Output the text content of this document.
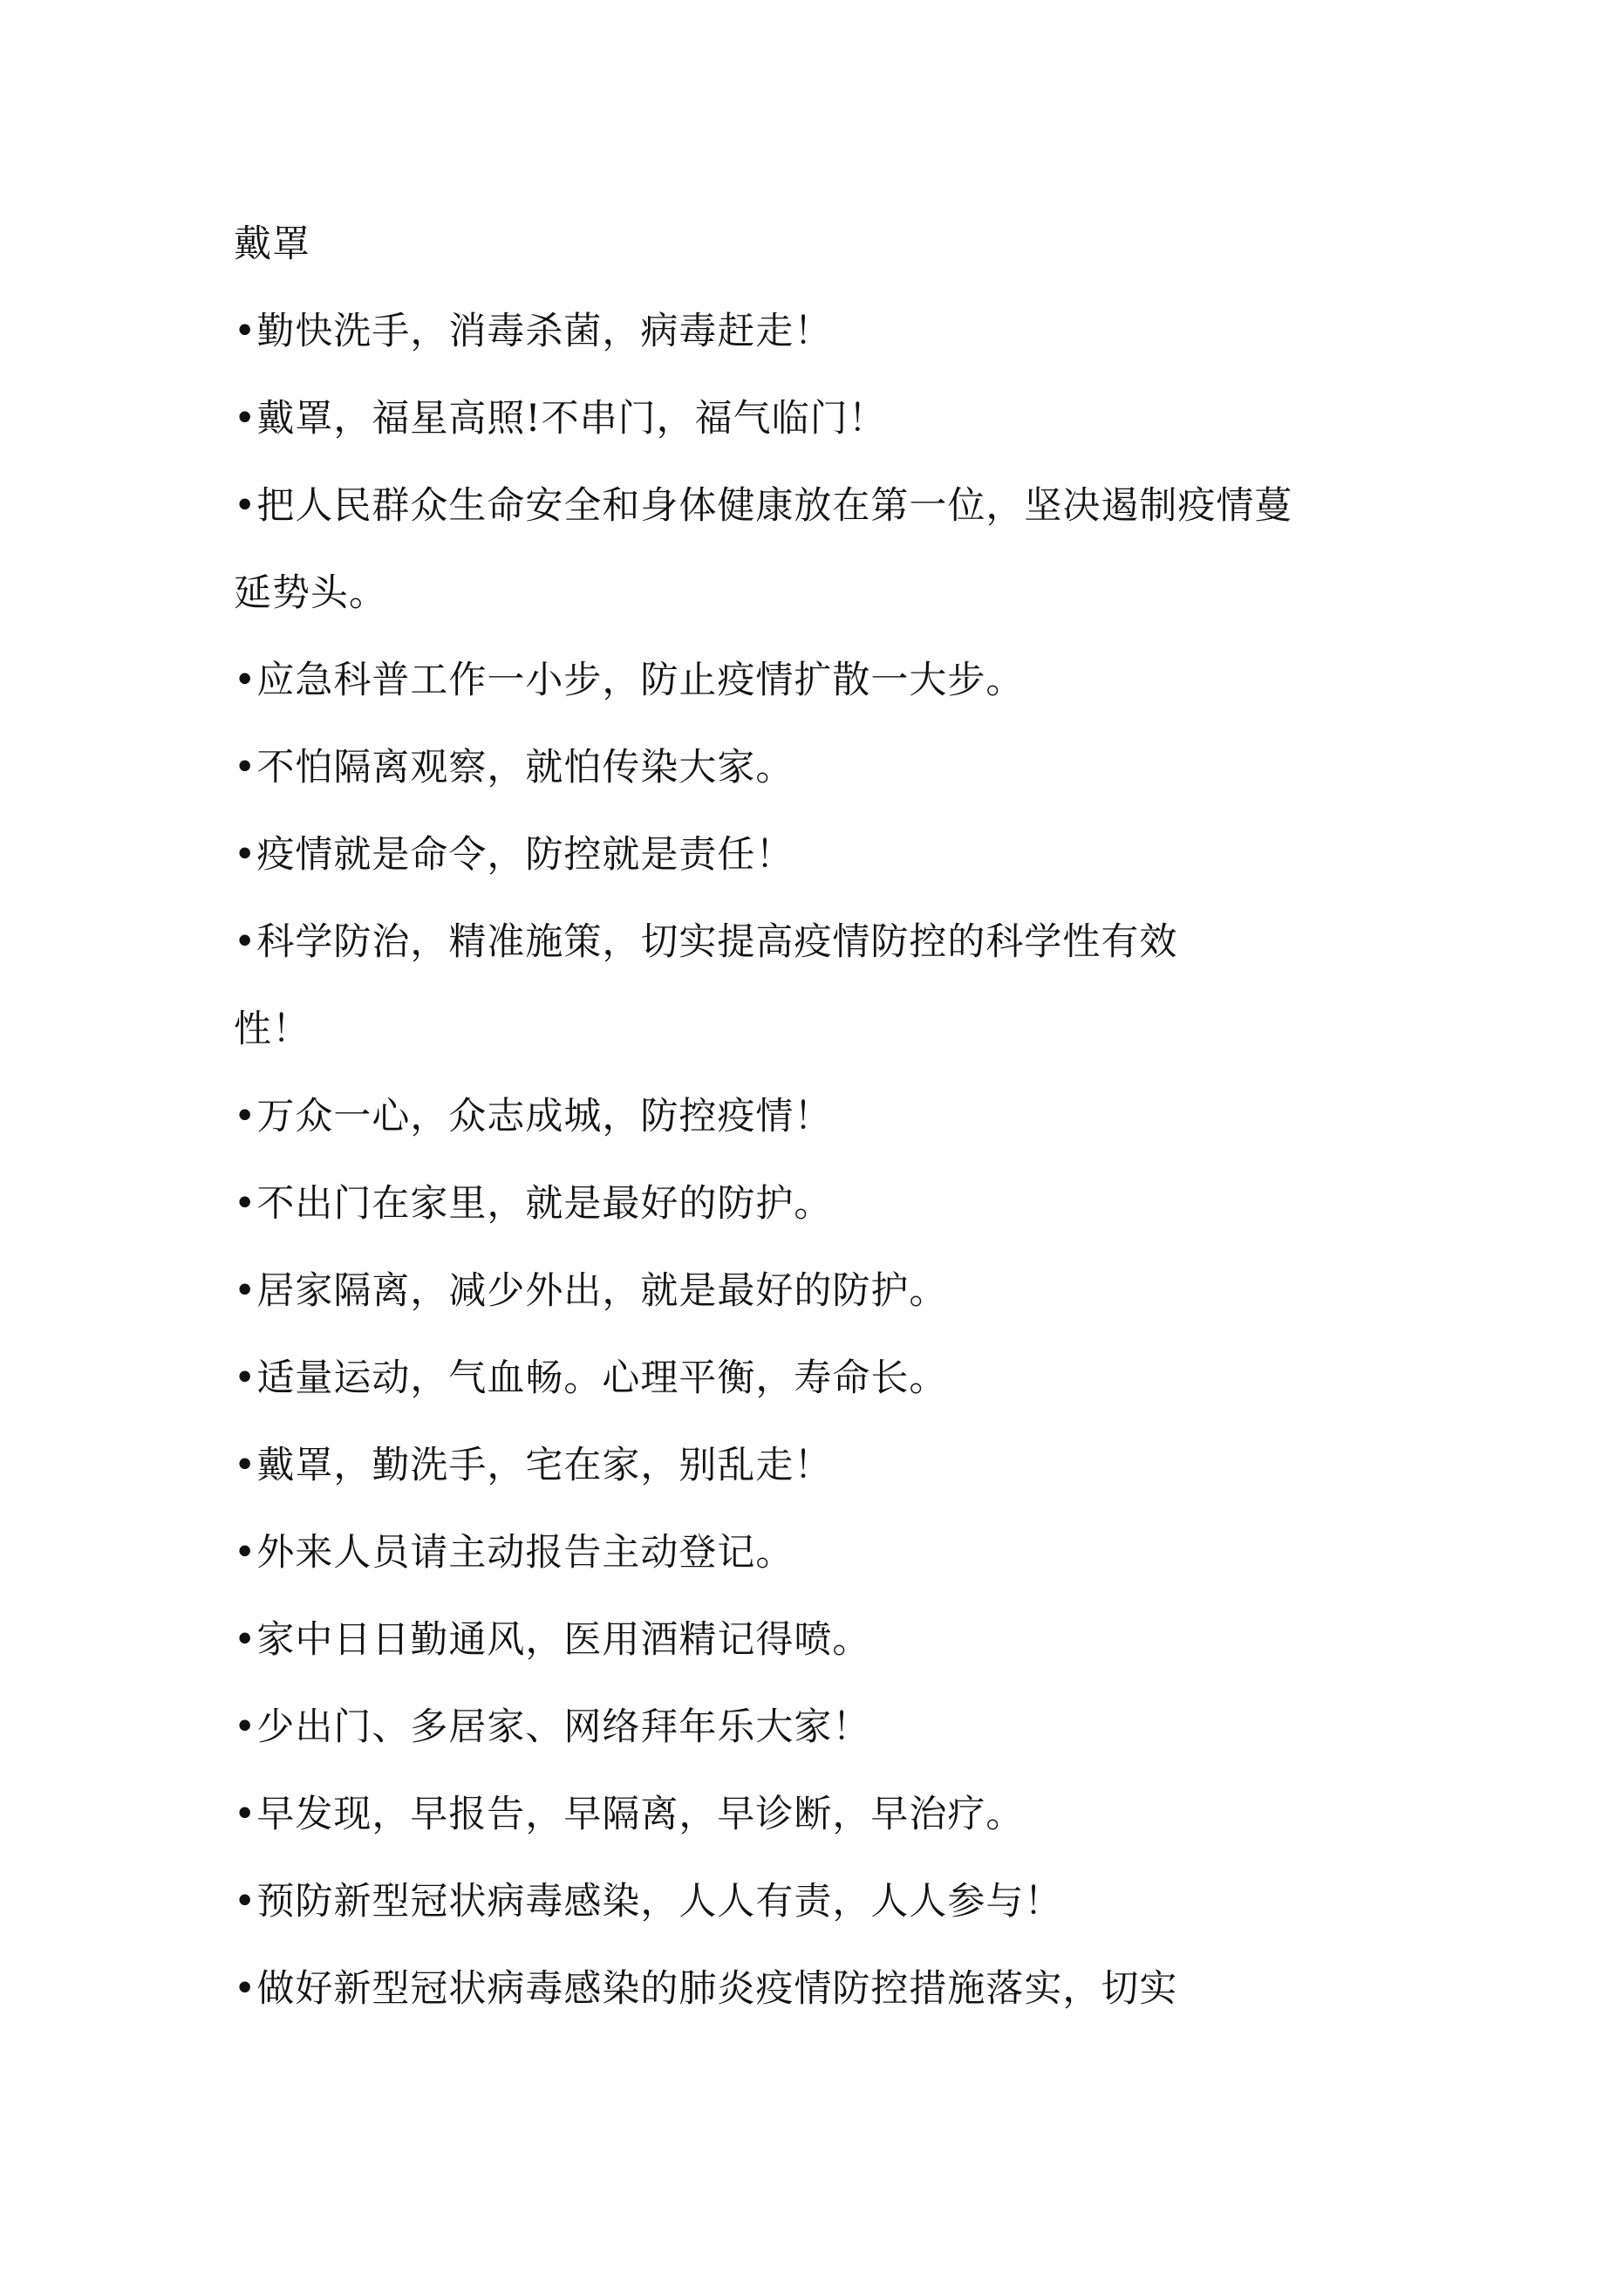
戴罩
•勤快洗手，消毒杀菌，病毒赶走！
•戴罩，福星高照!不串门，福气临门！
•把人民群众生命安全和身体健康放在第一位，坚决遏制疫情蔓
延势头。
•应急科普工作一小步，防止疫情扩散一大步。
•不怕隔离观察，就怕传染大家。
•疫情就是命令，防控就是责任！
•科学防治，精准施策，切实提高疫情防控的科学性有效
性！
•万众一心，众志成城，防控疫情！
•不出门在家里，就是最好的防护。
•居家隔离，减少外出，就是最好的防护。
•适量运动，气血畅。心理平衡，寿命长。
•戴罩，勤洗手，宅在家，别乱走！
•外来人员请主动报告主动登记。
•家中日日勤通风，医用酒精记得喷。
•少出门、多居家、网络拜年乐大家！
•早发现，早报告，早隔离，早诊断，早治疗。
•预防新型冠状病毒感染，人人有责，人人参与！
•做好新型冠状病毒感染的肺炎疫情防控措施落实，切实
